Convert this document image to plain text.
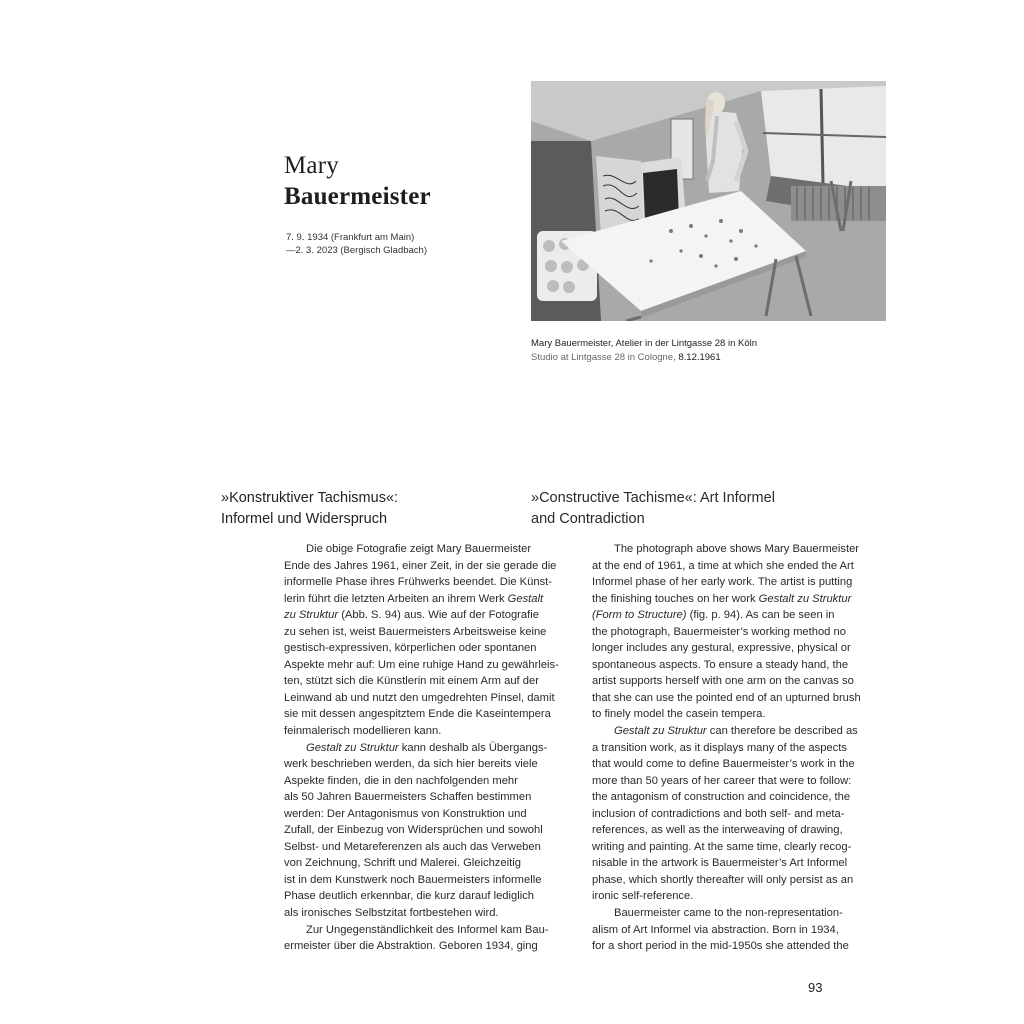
Mary
Bauermeister
7. 9. 1934 (Frankfurt am Main)
—2. 3. 2023 (Bergisch Gladbach)
Mary Bauermeister, Atelier in der Lintgasse 28 in Köln
Studio at Lintgasse 28 in Cologne, 8.12.1961
»Konstruktiver Tachismus«:
Informel und Widerspruch
»Constructive Tachisme«: Art Informel
and Contradiction
Die obige Fotografie zeigt Mary Bauermeister
Ende des Jahres 1961, einer Zeit, in der sie gerade die
informelle Phase ihres Frühwerks beendet. Die Künst-
lerin führt die letzten Arbeiten an ihrem Werk Gestalt
zu Struktur (Abb. S. 94) aus. Wie auf der Fotografie
zu sehen ist, weist Bauermeisters Arbeitsweise keine
gestisch-expressiven, körperlichen oder spontanen
Aspekte mehr auf: Um eine ruhige Hand zu gewährleis-
ten, stützt sich die Künstlerin mit einem Arm auf der
Leinwand ab und nutzt den umgedrehten Pinsel, damit
sie mit dessen angespitztem Ende die Kaseintempera
feinmalerisch modellieren kann.
Gestalt zu Struktur kann deshalb als Übergangs-
werk beschrieben werden, da sich hier bereits viele
Aspekte finden, die in den nachfolgenden mehr
als 50 Jahren Bauermeisters Schaffen bestimmen
werden: Der Antagonismus von Konstruktion und
Zufall, der Einbezug von Widersprüchen und sowohl
Selbst- und Metareferenzen als auch das Verweben
von Zeichnung, Schrift und Malerei. Gleichzeitig
ist in dem Kunstwerk noch Bauermeisters informelle
Phase deutlich erkennbar, die kurz darauf lediglich
als ironisches Selbstzitat fortbestehen wird.
Zur Ungegenständlichkeit des Informel kam Bau-
ermeister über die Abstraktion. Geboren 1934, ging
The photograph above shows Mary Bauermeister
at the end of 1961, a time at which she ended the Art
Informel phase of her early work. The artist is putting
the finishing touches on her work Gestalt zu Struktur
(Form to Structure) (fig. p. 94). As can be seen in
the photograph, Bauermeister’s working method no
longer includes any gestural, expressive, physical or
spontaneous aspects. To ensure a steady hand, the
artist supports herself with one arm on the canvas so
that she can use the pointed end of an upturned brush
to finely model the casein tempera.
Gestalt zu Struktur can therefore be described as
a transition work, as it displays many of the aspects
that would come to define Bauermeister’s work in the
more than 50 years of her career that were to follow:
the antagonism of construction and coincidence, the
inclusion of contradictions and both self- and meta-
references, as well as the interweaving of drawing,
writing and painting. At the same time, clearly recog-
nisable in the artwork is Bauermeister’s Art Informel
phase, which shortly thereafter will only persist as an
ironic self-reference.
Bauermeister came to the non-representation-
alism of Art Informel via abstraction. Born in 1934,
for a short period in the mid-1950s she attended the
93
